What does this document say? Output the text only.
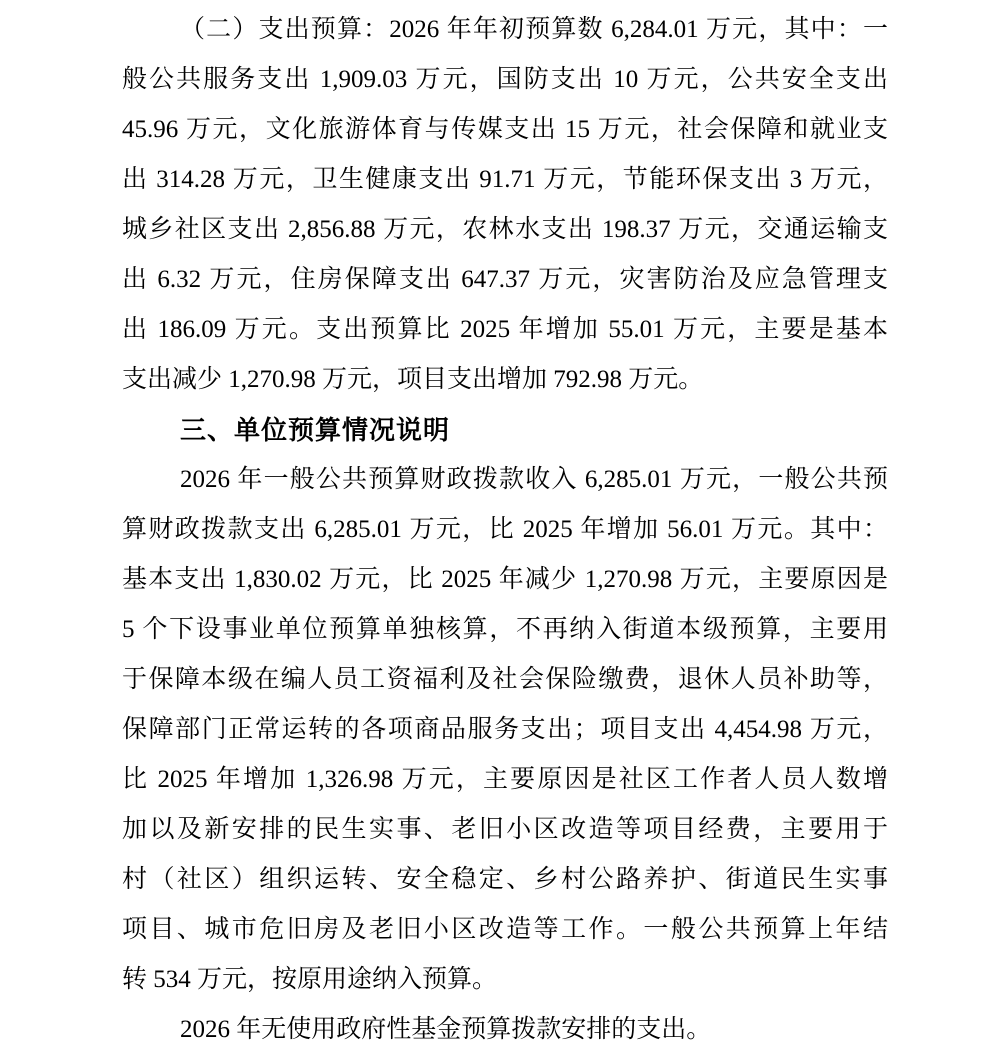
（二）支出预算：2026 年年初预算数 6,284.01 万元，其中：一
般公共服务支出 1,909.03 万元，国防支出 10 万元，公共安全支出
45.96 万元，文化旅游体育与传媒支出 15 万元，社会保障和就业支
出 314.28 万元，卫生健康支出 91.71 万元，节能环保支出 3 万元，
城乡社区支出 2,856.88 万元，农林水支出 198.37 万元，交通运输支
出 6.32 万元，住房保障支出 647.37 万元，灾害防治及应急管理支
出 186.09 万元。支出预算比 2025 年增加 55.01 万元，主要是基本
支出减少 1,270.98 万元，项目支出增加 792.98 万元。
三、单位预算情况说明
2026 年一般公共预算财政拨款收入 6,285.01 万元，一般公共预
算财政拨款支出 6,285.01 万元，比 2025 年增加 56.01 万元。其中：
基本支出 1,830.02 万元，比 2025 年减少 1,270.98 万元，主要原因是
5 个下设事业单位预算单独核算，不再纳入街道本级预算，主要用
于保障本级在编人员工资福利及社会保险缴费，退休人员补助等，
保障部门正常运转的各项商品服务支出；项目支出 4,454.98 万元，
比 2025 年增加 1,326.98 万元，主要原因是社区工作者人员人数增
加以及新安排的民生实事、老旧小区改造等项目经费，主要用于
村（社区）组织运转、安全稳定、乡村公路养护、街道民生实事
项目、城市危旧房及老旧小区改造等工作。一般公共预算上年结
转 534 万元，按原用途纳入预算。
2026 年无使用政府性基金预算拨款安排的支出。
